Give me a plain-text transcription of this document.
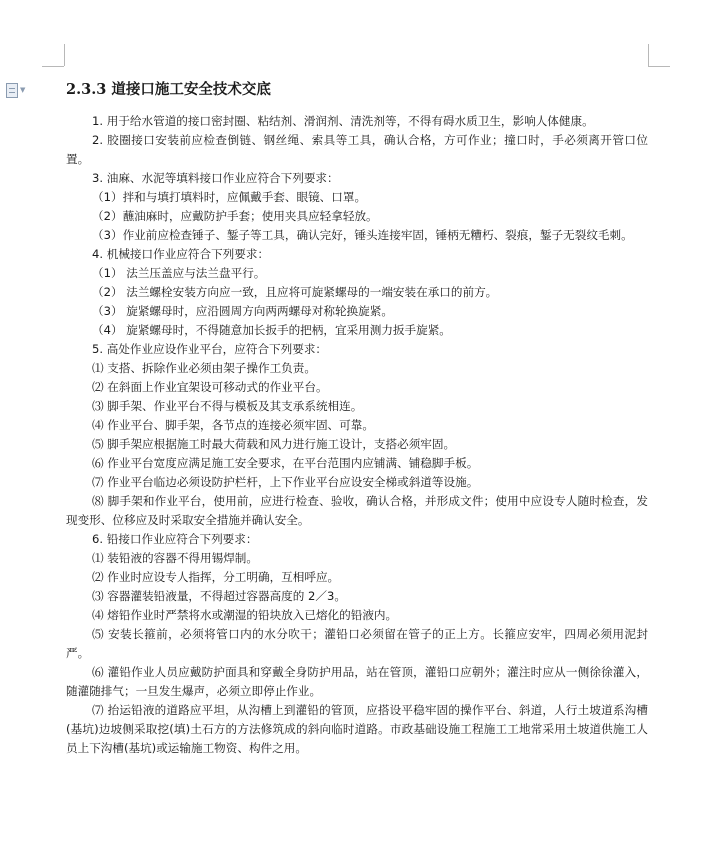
▼	2.3.3 道接口施工安全技术交底

1. 用于给水管道的接口密封圈、粘结剂、滑润剂、清洗剂等，不得有碍水质卫生，影响人体健康。

2. 胶圈接口安装前应检查倒链、钢丝绳、索具等工具，确认合格，方可作业；撞口时，手必须离开管口位置。

3. 油麻、水泥等填料接口作业应符合下列要求：

（1）拌和与填打填料时，应佩戴手套、眼镜、口罩。

（2）蘸油麻时，应戴防护手套；使用夹具应轻拿轻放。

（3）作业前应检查锤子、錾子等工具，确认完好，锤头连接牢固，锤柄无糟朽、裂痕，錾子无裂纹毛刺。

4. 机械接口作业应符合下列要求：

（1） 法兰压盖应与法兰盘平行。

（2） 法兰螺栓安装方向应一致，且应将可旋紧螺母的一端安装在承口的前方。

（3） 旋紧螺母时，应沿圆周方向两两螺母对称轮换旋紧。

（4） 旋紧螺母时，不得随意加长扳手的把柄，宜采用测力扳手旋紧。

5. 高处作业应设作业平台，应符合下列要求：

⑴ 支搭、拆除作业必须由架子操作工负责。

⑵ 在斜面上作业宜架设可移动式的作业平台。

⑶ 脚手架、作业平台不得与模板及其支承系统相连。

⑷ 作业平台、脚手架，各节点的连接必须牢固、可靠。

⑸ 脚手架应根据施工时最大荷载和风力进行施工设计，支搭必须牢固。

⑹ 作业平台宽度应满足施工安全要求，在平台范围内应铺满、铺稳脚手板。

⑺ 作业平台临边必须设防护栏杆，上下作业平台应设安全梯或斜道等设施。

⑻ 脚手架和作业平台，使用前，应进行检查、验收，确认合格，并形成文件；使用中应设专人随时检查，发现变形、位移应及时采取安全措施并确认安全。

6. 铅接口作业应符合下列要求：

⑴ 装铅液的容器不得用锡焊制。

⑵ 作业时应设专人指挥，分工明确，互相呼应。

⑶ 容器灌装铅液量，不得超过容器高度的 2／3。

⑷ 熔铅作业时严禁将水或潮湿的铅块放入已熔化的铅液内。

⑸ 安装长箍前，必须将管口内的水分吹干；灌铅口必须留在管子的正上方。长箍应安牢，四周必须用泥封严。

⑹ 灌铅作业人员应戴防护面具和穿戴全身防护用品，站在管顶，灌铅口应朝外；灌注时应从一侧徐徐灌入，随灌随排气；一旦发生爆声，必须立即停止作业。

⑺ 抬运铅液的道路应平坦，从沟槽上到灌铅的管顶，应搭设平稳牢固的操作平台、斜道，人行土坡道系沟槽(基坑)边坡侧采取挖(填)土石方的方法修筑成的斜向临时道路。市政基础设施工程施工工地常采用土坡道供施工人员上下沟槽(基坑)或运输施工物资、构件之用。
